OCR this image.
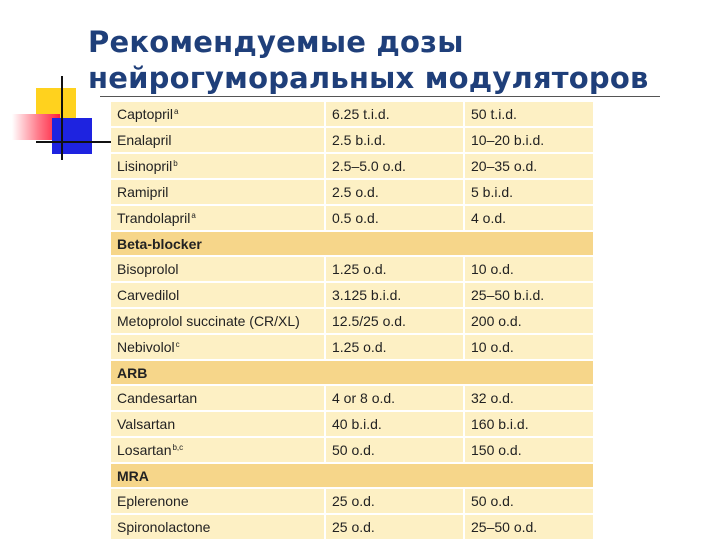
Рекомендуемые дозы
нейрогуморальных модуляторов
Captopril$^a$	6.25 t.i.d.	50 t.i.d.
Enalapril	2.5 b.i.d.	10–20 b.i.d.
Lisinopril$^b$	2.5–5.0 o.d.	20–35 o.d.
Ramipril	2.5 o.d.	5 b.i.d.
Trandolapril$^a$	0.5 o.d.	4 o.d.
Beta-blocker		
Bisoprolol	1.25 o.d.	10 o.d.
Carvedilol	3.125 b.i.d.	25–50 b.i.d.
Metoprolol succinate (CR/XL)	12.5/25 o.d.	200 o.d.
Nebivolol$^c$	1.25 o.d.	10 o.d.
ARB		
Candesartan	4 or 8 o.d.	32 o.d.
Valsartan	40 b.i.d.	160 b.i.d.
Losartan$^{b,c}$	50 o.d.	150 o.d.
MRA		
Eplerenone	25 o.d.	50 o.d.
Spironolactone	25 o.d.	25–50 o.d.
